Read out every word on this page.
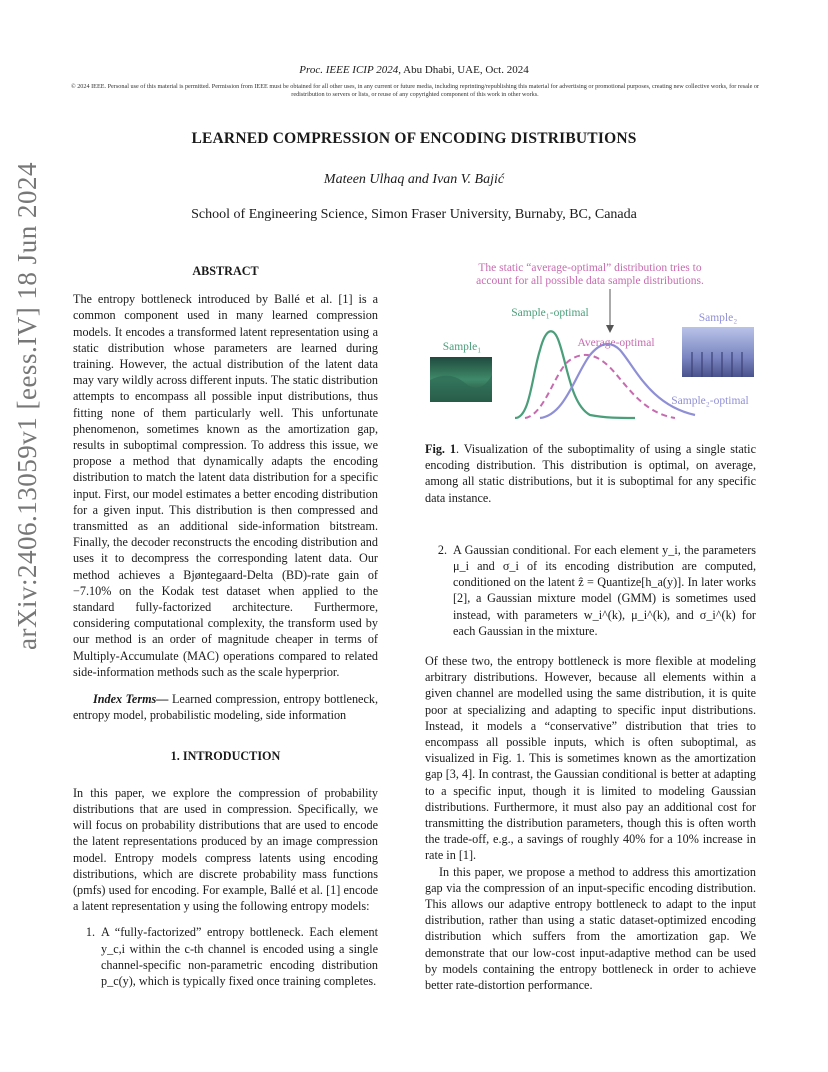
Proc. IEEE ICIP 2024, Abu Dhabi, UAE, Oct. 2024
© 2024 IEEE. Personal use of this material is permitted. Permission from IEEE must be obtained for all other uses, in any current or future media, including reprinting/republishing this material for advertising or promotional purposes, creating new collective works, for resale or redistribution to servers or lists, or reuse of any copyrighted component of this work in other works.
LEARNED COMPRESSION OF ENCODING DISTRIBUTIONS
Mateen Ulhaq and Ivan V. Bajić
School of Engineering Science, Simon Fraser University, Burnaby, BC, Canada
arXiv:2406.13059v1 [eess.IV] 18 Jun 2024	ABSTRACT
The entropy bottleneck introduced by Ballé et al. [1] is a common component used in many learned compression models. It encodes a transformed latent representation using a static distribution whose parameters are learned during training. However, the actual distribution of the latent data may vary wildly across different inputs. The static distribution attempts to encompass all possible input distributions, thus fitting none of them particularly well. This unfortunate phenomenon, sometimes known as the amortization gap, results in suboptimal compression. To address this issue, we propose a method that dynamically adapts the encoding distribution to match the latent data distribution for a specific input. First, our model estimates a better encoding distribution for a given input. This distribution is then compressed and transmitted as an additional side-information bitstream. Finally, the decoder reconstructs the encoding distribution and uses it to decompress the corresponding latent data. Our method achieves a Bjøntegaard-Delta (BD)-rate gain of −7.10% on the Kodak test dataset when applied to the standard fully-factorized architecture. Furthermore, considering computational complexity, the transform used by our method is an order of magnitude cheaper in terms of Multiply-Accumulate (MAC) operations compared to related side-information methods such as the scale hyperprior.
Index Terms— Learned compression, entropy bottleneck, entropy model, probabilistic modeling, side information
1. INTRODUCTION
In this paper, we explore the compression of probability distributions that are used in compression. Specifically, we will focus on probability distributions that are used to encode the latent representations produced by an image compression model. Entropy models compress latents using encoding distributions, which are discrete probability mass functions (pmfs) used for encoding. For example, Ballé et al. [1] encode a latent representation y using the following entropy models:
1. A “fully-factorized” entropy bottleneck. Each element y_c,i within the c-th channel is encoded using a single channel-specific non-parametric encoding distribution p_c(y), which is typically fixed once training completes.
The static “average-optimal” distribution tries to
account for all possible data sample distributions.
Sample₁-optimal
Average-optimal
Sample₂-optimal
Sample₁
Sample₂
Fig. 1. Visualization of the suboptimality of using a single static encoding distribution. This distribution is optimal, on average, among all static distributions, but it is suboptimal for any specific data instance.
2. A Gaussian conditional. For each element y_i, the parameters μ_i and σ_i of its encoding distribution are computed, conditioned on the latent ẑ = Quantize[h_a(y)]. In later works [2], a Gaussian mixture model (GMM) is sometimes used instead, with parameters w_i^(k), μ_i^(k), and σ_i^(k) for each Gaussian in the mixture.
Of these two, the entropy bottleneck is more flexible at modeling arbitrary distributions. However, because all elements within a given channel are modelled using the same distribution, it is quite poor at specializing and adapting to specific input distributions. Instead, it models a “conservative” distribution that tries to encompass all possible inputs, which is often suboptimal, as visualized in Fig. 1. This is sometimes known as the amortization gap [3, 4]. In contrast, the Gaussian conditional is better at adapting to a specific input, though it is limited to modeling Gaussian distributions. Furthermore, it must also pay an additional cost for transmitting the distribution parameters, though this is often worth the trade-off, e.g., a savings of roughly 40% for a 10% increase in rate in [1].
In this paper, we propose a method to address this amortization gap via the compression of an input-specific encoding distribution. This allows our adaptive entropy bottleneck to adapt to the input distribution, rather than using a static dataset-optimized encoding distribution which suffers from the amortization gap. We demonstrate that our low-cost input-adaptive method can be used by models containing the entropy bottleneck in order to achieve better rate-distortion performance.
